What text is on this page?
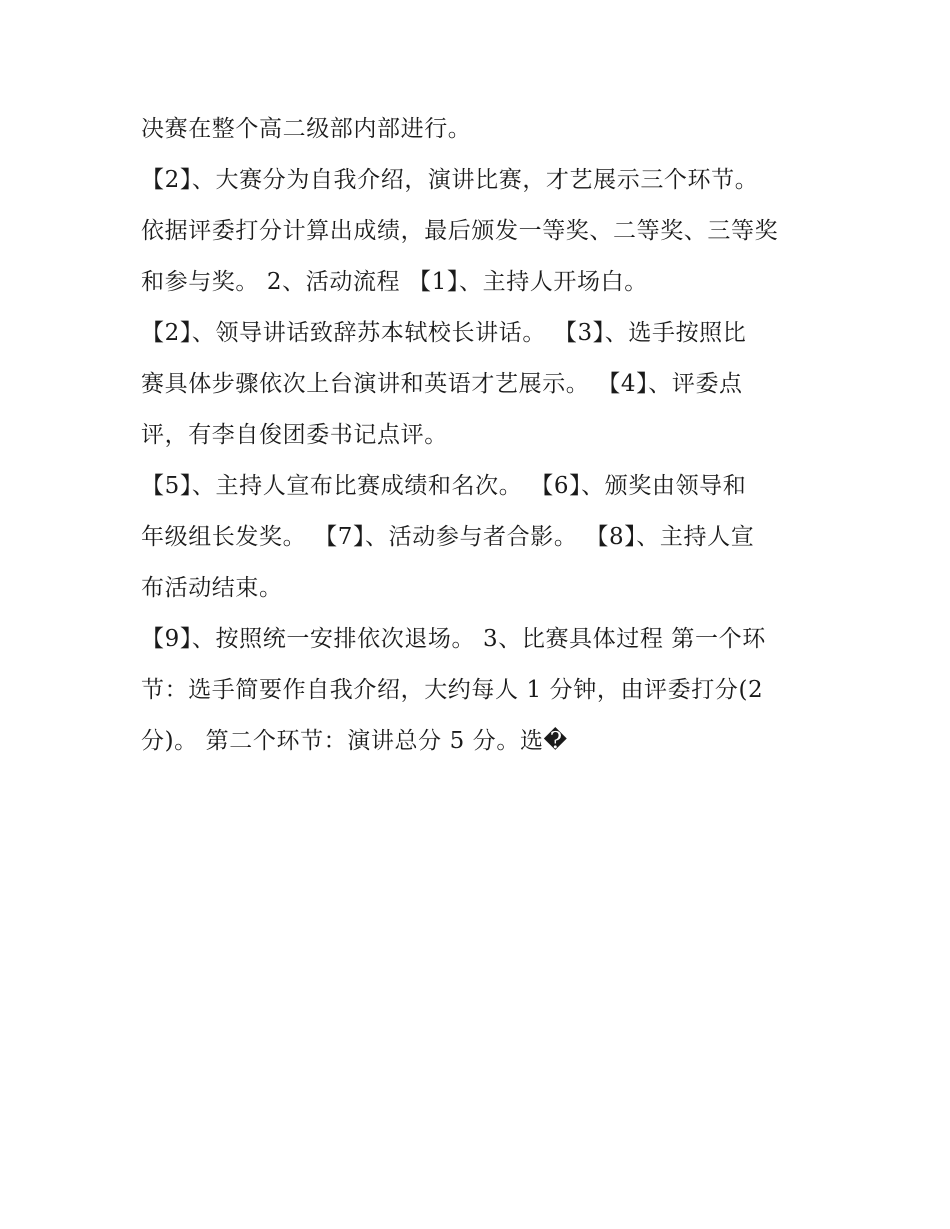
决赛在整个高二级部内部进行。
【2】、大赛分为自我介绍，演讲比赛，才艺展示三个环节。
依据评委打分计算出成绩，最后颁发一等奖、二等奖、三等奖
和参与奖。 2、活动流程 【1】、主持人开场白。
【2】、领导讲话致辞苏本轼校长讲话。 【3】、选手按照比
赛具体步骤依次上台演讲和英语才艺展示。 【4】、评委点
评，有李自俊团委书记点评。
【5】、主持人宣布比赛成绩和名次。 【6】、颁奖由领导和
年级组长发奖。 【7】、活动参与者合影。 【8】、主持人宣
布活动结束。
【9】、按照统一安排依次退场。 3、比赛具体过程 第一个环
节：选手简要作自我介绍，大约每人 1 分钟，由评委打分(2
分)。 第二个环节：演讲总分 5 分。选�
